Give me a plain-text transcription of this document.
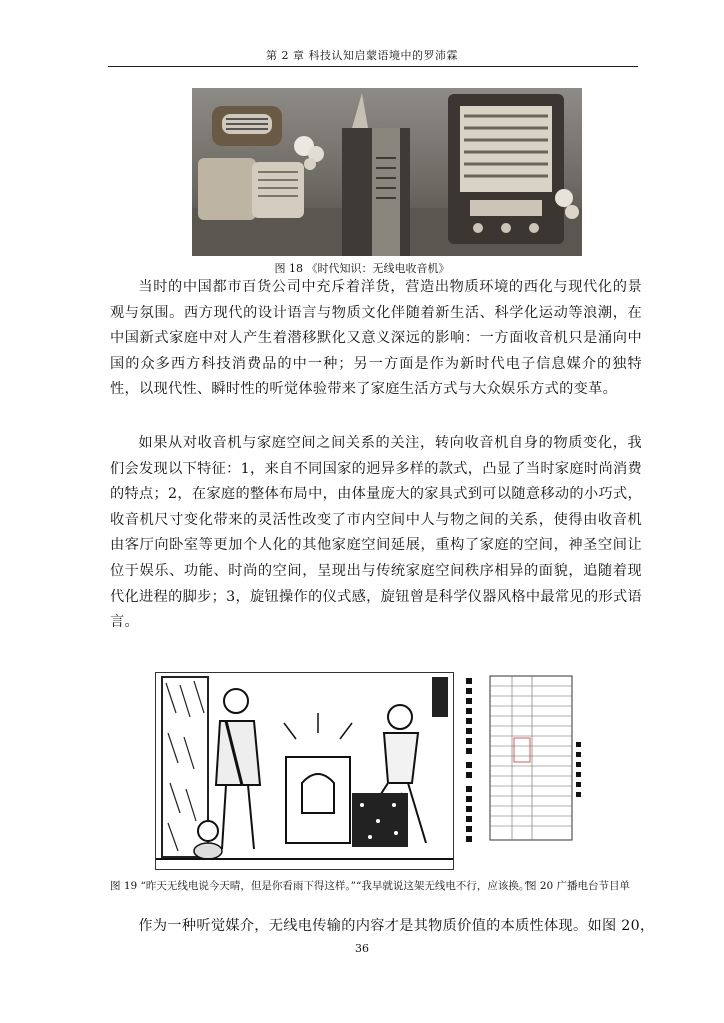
第 2 章 科技认知启蒙语境中的罗沛霖
图 18 《时代知识：无线电收音机》

当时的中国都市百货公司中充斥着洋货，营造出物质环境的西化与现代化的景观与氛围。西方现代的设计语言与物质文化伴随着新生活、科学化运动等浪潮，在中国新式家庭中对人产生着潜移默化又意义深远的影响：一方面收音机只是涌向中国的众多西方科技消费品的中一种；另一方面是作为新时代电子信息媒介的独特性，以现代性、瞬时性的听觉体验带来了家庭生活方式与大众娱乐方式的变革。

如果从对收音机与家庭空间之间关系的关注，转向收音机自身的物质变化，我们会发现以下特征：1，来自不同国家的迥异多样的款式，凸显了当时家庭时尚消费的特点；2，在家庭的整体布局中，由体量庞大的家具式到可以随意移动的小巧式，收音机尺寸变化带来的灵活性改变了市内空间中人与物之间的关系，使得由收音机由客厅向卧室等更加个人化的其他家庭空间延展，重构了家庭的空间，神圣空间让位于娱乐、功能、时尚的空间，呈现出与传统家庭空间秩序相异的面貌，追随着现代化进程的脚步；3，旋钮操作的仪式感，旋钮曾是科学仪器风格中最常见的形式语言。

图 19 “昨天无线电说今天晴，但是你看雨下得这样。”“我早就说这架无线电不行，应该换。”
图 20 广播电台节目单
作为一种听觉媒介，无线电传输的内容才是其物质价值的本质性体现。如图 20，
36
